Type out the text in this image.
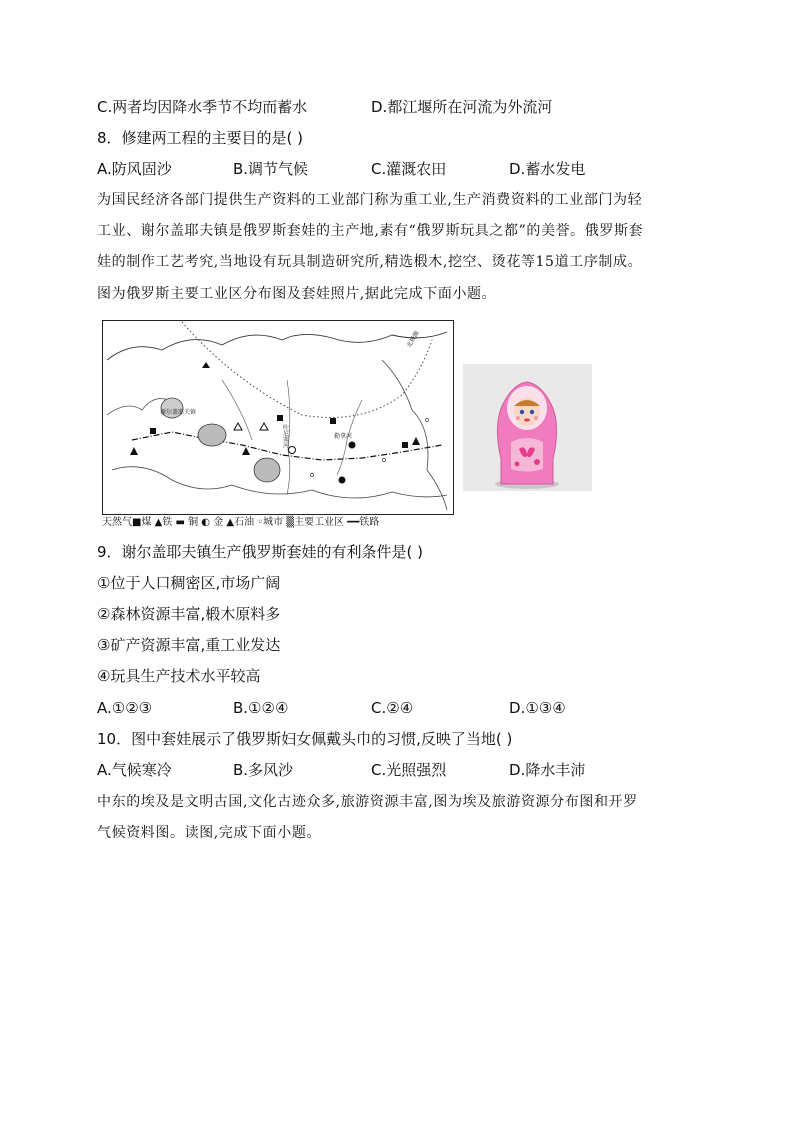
C.两者均因降水季节不均而蓄水	D.都江堰所在河流为外流河
8．修建两工程的主要目的是( )
A.防风固沙	B.调节气候	C.灌溉农田	D.蓄水发电
为国民经济各部门提供生产资料的工业部门称为重工业,生产消费资料的工业部门为轻
工业、谢尔盖耶夫镇是俄罗斯套娃的主产地,素有“俄罗斯玩具之都”的美誉。俄罗斯套
娃的制作工艺考究,当地设有玩具制造研究所,精选椴木,挖空、烫花等15道工序制成。
图为俄罗斯主要工业区分布图及套娃照片,据此完成下面小题。
谢尔盖耶夫镇
叶尼塞河	勒拿河
北极圈
天然气■煤 ▲铁 ▬ 铜 ◐ 金 ▲石油 ◦城市 ▒主要工业区 ━━铁路
9．谢尔盖耶夫镇生产俄罗斯套娃的有利条件是( )
①位于人口稠密区,市场广阔
②森林资源丰富,椴木原料多
③矿产资源丰富,重工业发达
④玩具生产技术水平较高
A.①②③	B.①②④	C.②④	D.①③④
10．图中套娃展示了俄罗斯妇女佩戴头巾的习惯,反映了当地( )
A.气候寒冷	B.多风沙	C.光照强烈	D.降水丰沛
中东的埃及是文明古国,文化古迹众多,旅游资源丰富,图为埃及旅游资源分布图和开罗
气候资料图。读图,完成下面小题。
